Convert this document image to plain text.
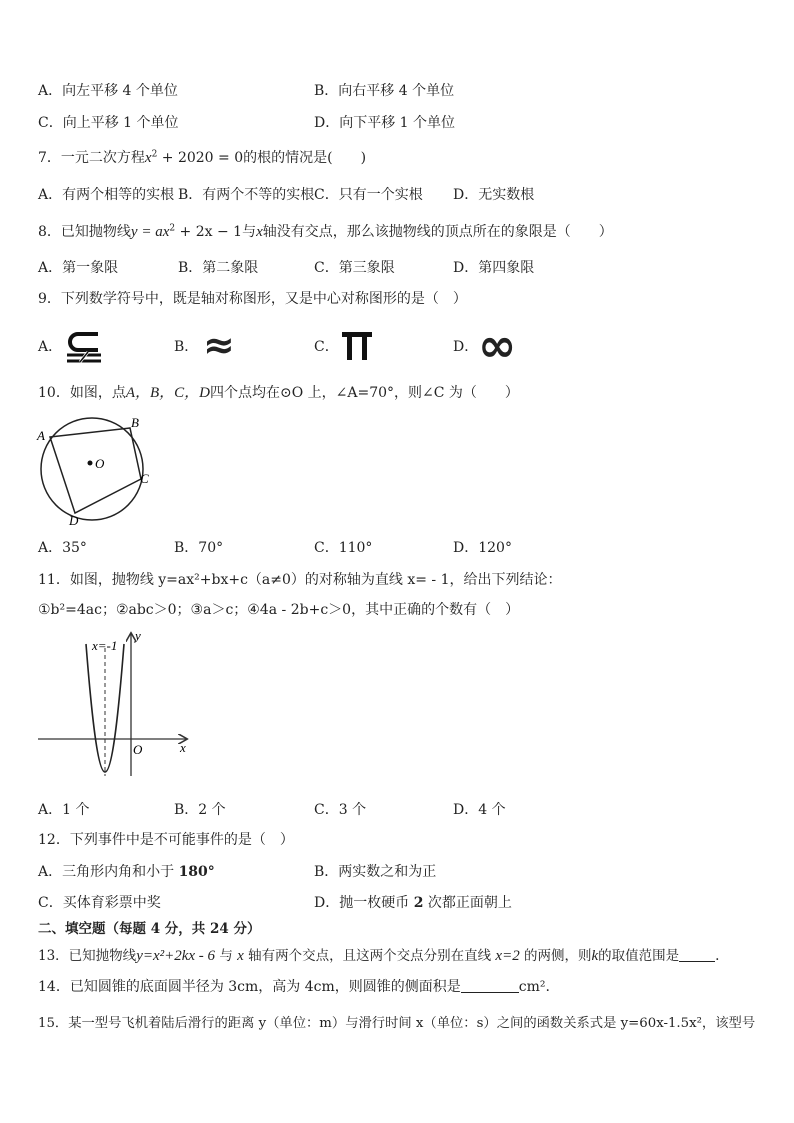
A．向左平移 4 个单位	B．向右平移 4 个单位
C．向上平移 1 个单位	D．向下平移 1 个单位
7．一元二次方程$x^2 + 2020 = 0$的根的情况是(　　)
A．有两个相等的实根 B．有两个不等的实根 C．只有一个实根 D．无实数根
8．已知抛物线$y = ax^2 + 2x - 1$与x轴没有交点，那么该抛物线的顶点所在的象限是（　　）
A．第一象限	B．第二象限	C．第三象限	D．第四象限
9．下列数学符号中，既是轴对称图形，又是中心对称图形的是（　）
A．	B． ≈	C．	D． ∞
10．如图，点A，B，C，D四个点均在⊙O 上，∠A=70°，则∠C 为（　　）
O
A
B
C
D
A．35°	B．70°	C．110°	D．120°
11．如图，抛物线 y=ax²+bx+c（a≠0）的对称轴为直线 x= - 1，给出下列结论：
①b²=4ac；②abc＞0；③a＞c；④4a - 2b+c＞0，其中正确的个数有（　）
x=-1
y
x
O
A．1 个	B．2 个	C．3 个	D．4 个
12．下列事件中是不可能事件的是（　）
A．三角形内角和小于 180°	B．两实数之和为正
C．买体育彩票中奖	D．抛一枚硬币 2 次都正面朝上
二、填空题（每题 4 分，共 24 分）
13．已知抛物线y=x²+2kx - 6 与 x 轴有两个交点，且这两个交点分别在直线 x=2 的两侧，则k的取值范围是	.
14．已知圆锥的底面圆半径为 3cm，高为 4cm，则圆锥的侧面积是	cm².
15．某一型号飞机着陆后滑行的距离 y（单位：m）与滑行时间 x（单位：s）之间的函数关系式是 y=60x-1.5x²，该型号
